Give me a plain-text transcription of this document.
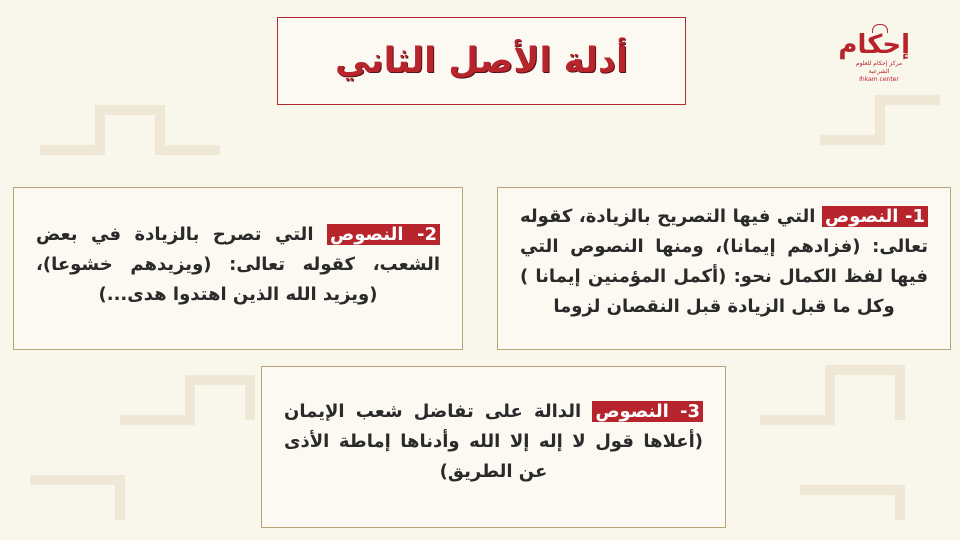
أدلة الأصل الثاني	إحكام
مركز إحكام للعلوم الشرعية
Ihkam center
1- النصوص التي فيها التصريح بالزيادة، كقوله تعالى: (فزادهم إيمانا)، ومنها النصوص التي فيها لفظ الكمال نحو: (أكمل المؤمنين إيمانا ) وكل ما قبل الزيادة قبل النقصان لزوما
2- النصوص التي تصرح بالزيادة في بعض الشعب، كقوله تعالى: (ويزيدهم خشوعا)، (ويزيد الله الذين اهتدوا هدى...)
3- النصوص الدالة على تفاضل شعب الإيمان (أعلاها قول لا إله إلا الله وأدناها إماطة الأذى عن الطريق)
